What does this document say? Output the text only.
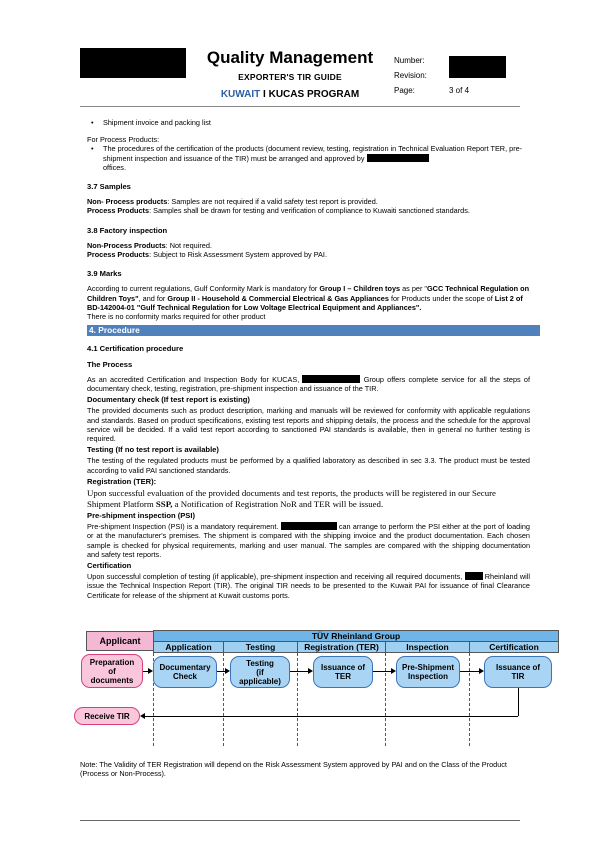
Quality Management
EXPORTER'S TIR GUIDE
KUWAIT I KUCAS PROGRAM
Number:
Revision:
Page:	3 of 4

• Shipment invoice and packing list

For Process Products:

• The procedures of the certification of the products (document review, testing, registration in Technical Evaluation Report TER, pre-shipment inspection and issuance of the TIR) must be arranged and approved by
offices.

3.7 Samples

Non- Process products: Samples are not required if a valid safety test report is provided.

Process Products: Samples shall be drawn for testing and verification of compliance to Kuwaiti sanctioned standards.

3.8 Factory inspection

Non-Process Products: Not required.

Process Products: Subject to Risk Assessment System approved by PAI.

3.9 Marks

According to current regulations, Gulf Conformity Mark is mandatory for Group I – Children toys as per "GCC Technical Regulation on Children Toys", and for Group II - Household & Commercial Electrical & Gas Appliances for Products under the scope of List 2 of BD-142004-01 "Gulf Technical Regulation for Low Voltage Electrical Equipment and Appliances".
There is no conformity marks required for other product

4. Procedure

4.1 Certification procedure

The Process

As an accredited Certification and Inspection Body for KUCAS,	Group offers complete service for all the steps of documentary check, testing, registration, pre-shipment inspection and issuance of the TIR.

Documentary check (If test report is existing)

The provided documents such as product description, marking and manuals will be reviewed for conformity with applicable regulations and standards. Based on product specifications, existing test reports and shipping details, the process and the schedule for the approval service will be decided. If a valid test report according to sanctioned PAI standards is available, then in general no further testing is required.

Testing (If no test report is available)

The testing of the regulated products must be performed by a qualified laboratory as described in sec 3.3. The product must be tested according to valid PAI sanctioned standards.

Registration (TER):

Upon successful evaluation of the provided documents and test reports, the products will be registered in our Secure Shipment Platform SSP, a Notification of Registration NoR and TER will be issued.

Pre-shipment inspection (PSI)

Pre-shipment Inspection (PSI) is a mandatory requirement.	can arrange to perform the PSI either at the port of loading or at the manufacturer's premises. The shipment is compared with the shipping invoice and the product documentation. Each chosen sample is checked for physical requirements, marking and user manual. The samples are compared with the shipping documentation and safety test reports.

Certification

Upon successful completion of testing (if applicable), pre-shipment inspection and receiving all required documents,  Rheinland will issue the Technical Inspection Report (TIR). The original TIR needs to be presented to the Kuwait PAI for issuance of final Clearance Certificate for release of the shipment at Kuwait customs ports.

Applicant	TÜV Rheinland Group
Application	Testing	Registration (TER)	Inspection	Certification
Preparation
of
documents
Documentary
Check
Testing
(if
applicable)
Issuance of
TER
Pre-Shipment
Inspection
Issuance of
TIR
Receive TIR
Note: The Validity of TER Registration will depend on the Risk Assessment System approved by PAI and on the Class of the Product (Process or Non-Process).
